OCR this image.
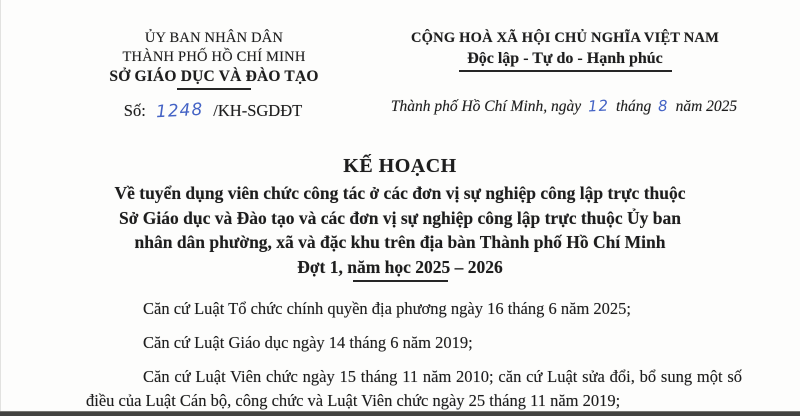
ỦY BAN NHÂN DÂN
THÀNH PHỐ HỒ CHÍ MINH
SỞ GIÁO DỤC VÀ ĐÀO TẠO
Số: 1248 /KH-SGDĐT
CỘNG HOÀ XÃ HỘI CHỦ NGHĨA VIỆT NAM
Độc lập - Tự do - Hạnh phúc
Thành phố Hồ Chí Minh, ngày 12 tháng 8 năm 2025
KẾ HOẠCH
Về tuyển dụng viên chức công tác ở các đơn vị sự nghiệp công lập trực thuộc
Sở Giáo dục và Đào tạo và các đơn vị sự nghiệp công lập trực thuộc Ủy ban
nhân dân phường, xã và đặc khu trên địa bàn Thành phố Hồ Chí Minh
Đợt 1, năm học 2025 – 2026

Căn cứ Luật Tổ chức chính quyền địa phương ngày 16 tháng 6 năm 2025;

Căn cứ Luật Giáo dục ngày 14 tháng 6 năm 2019;

Căn cứ Luật Viên chức ngày 15 tháng 11 năm 2010; căn cứ Luật sửa đổi, bổ sung một số điều của Luật Cán bộ, công chức và Luật Viên chức ngày 25 tháng 11 năm 2019;
